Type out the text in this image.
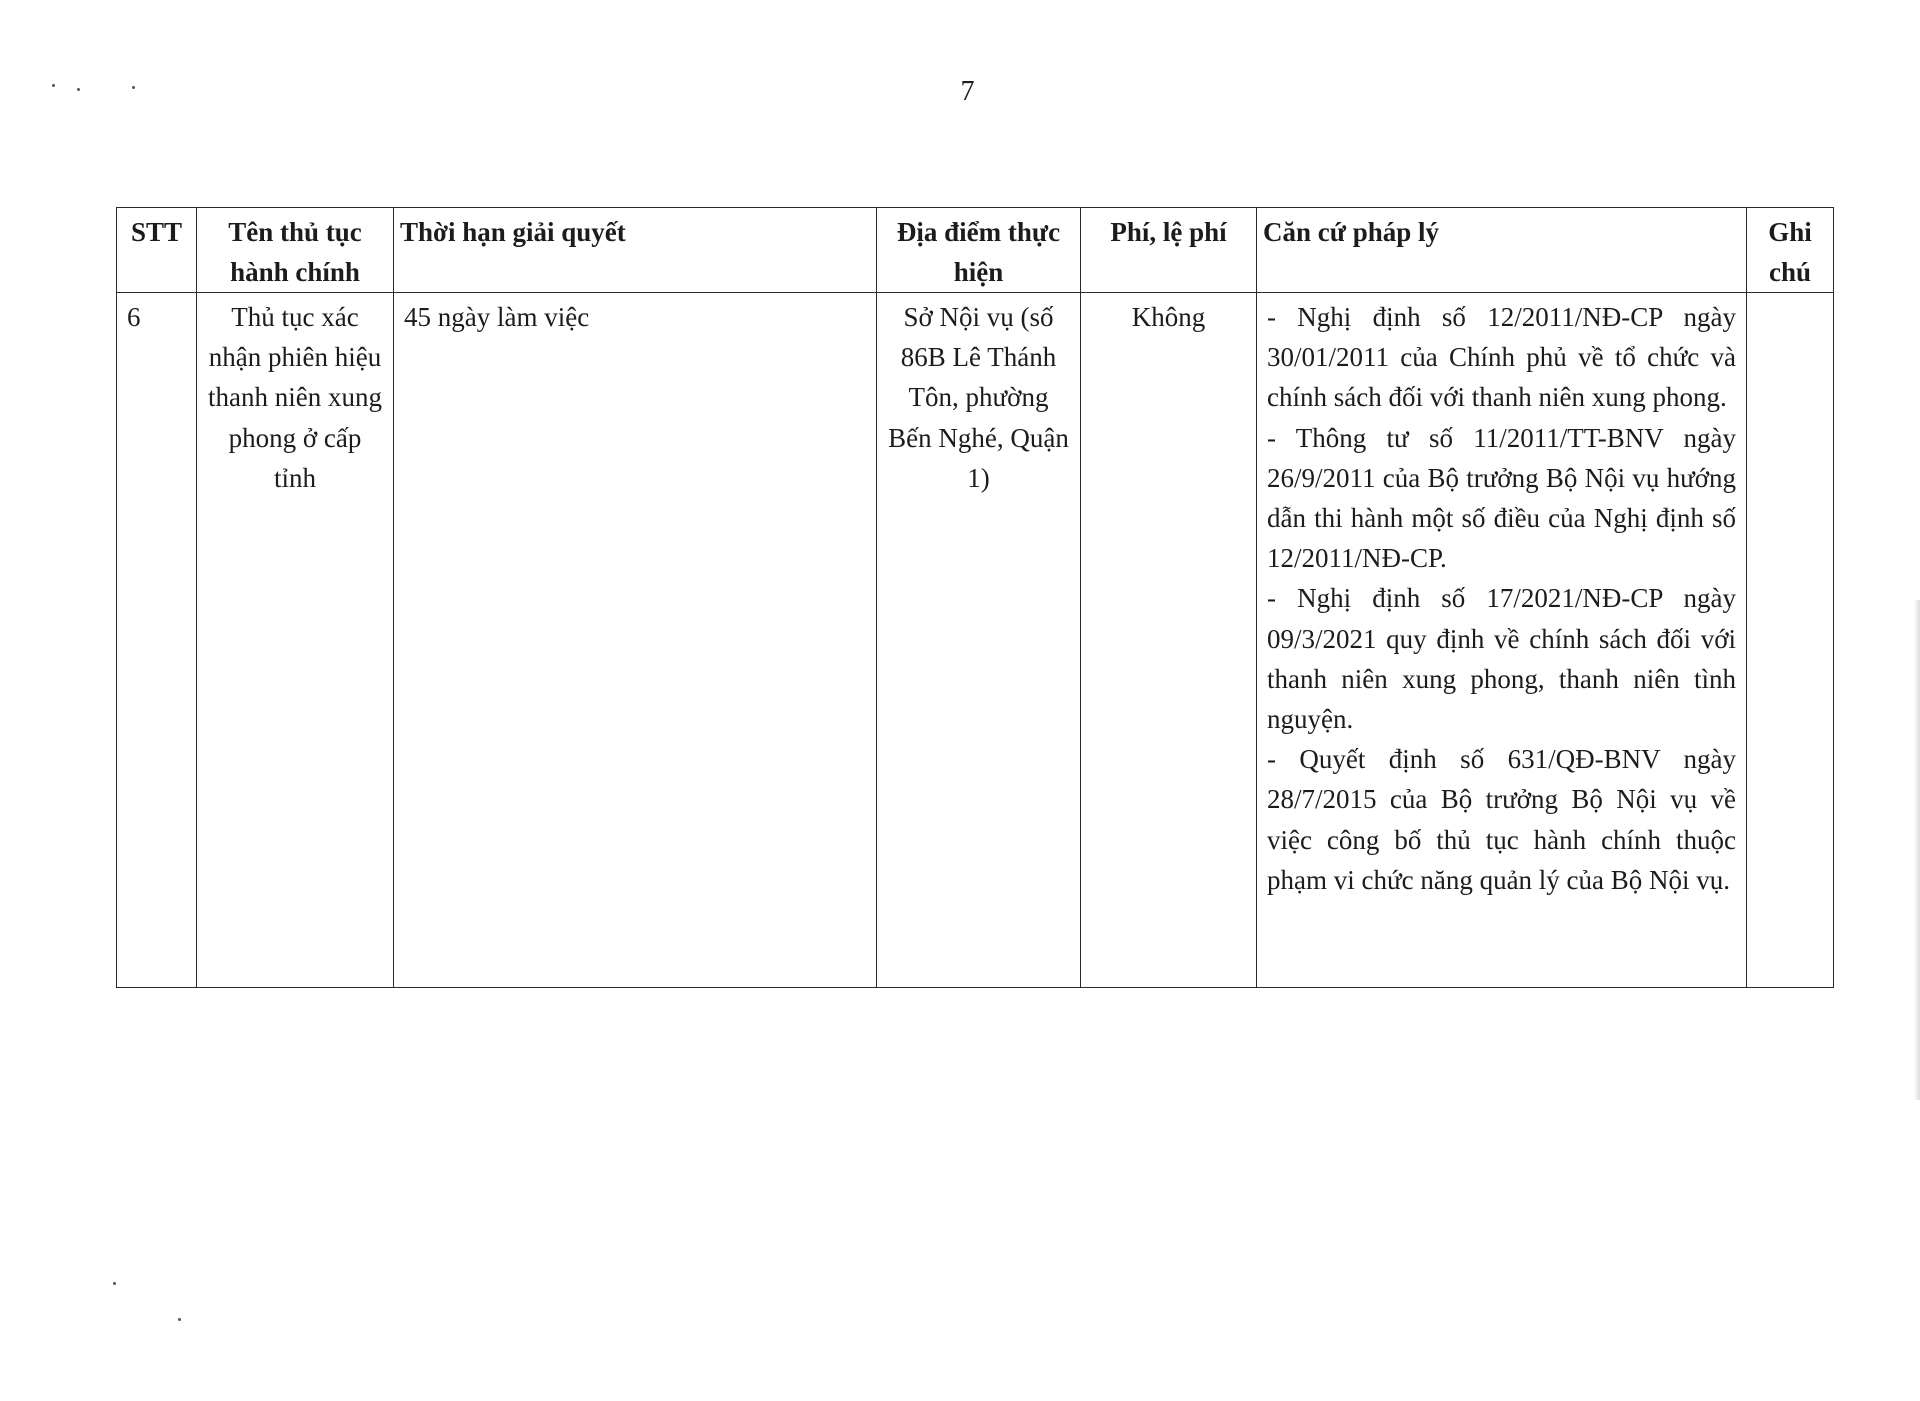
7
STT	Tên thủ tục hành chính	Thời hạn giải quyết	Địa điểm thực hiện	Phí, lệ phí	Căn cứ pháp lý	Ghi chú
6	Thủ tục xác nhận phiên hiệu thanh niên xung phong ở cấp tỉnh	45 ngày làm việc	Sở Nội vụ (số 86B Lê Thánh Tôn, phường Bến Nghé, Quận 1)	Không	- Nghị định số 12/2011/NĐ-CP ngày 30/01/2011 của Chính phủ về tổ chức và chính sách đối với thanh niên xung phong.
- Thông tư số 11/2011/TT-BNV ngày 26/9/2011 của Bộ trưởng Bộ Nội vụ hướng dẫn thi hành một số điều của Nghị định số 12/2011/NĐ-CP.
- Nghị định số 17/2021/NĐ-CP ngày 09/3/2021 quy định về chính sách đối với thanh niên xung phong, thanh niên tình nguyện.
- Quyết định số 631/QĐ-BNV ngày 28/7/2015 của Bộ trưởng Bộ Nội vụ về việc công bố thủ tục hành chính thuộc phạm vi chức năng quản lý của Bộ Nội vụ.	
